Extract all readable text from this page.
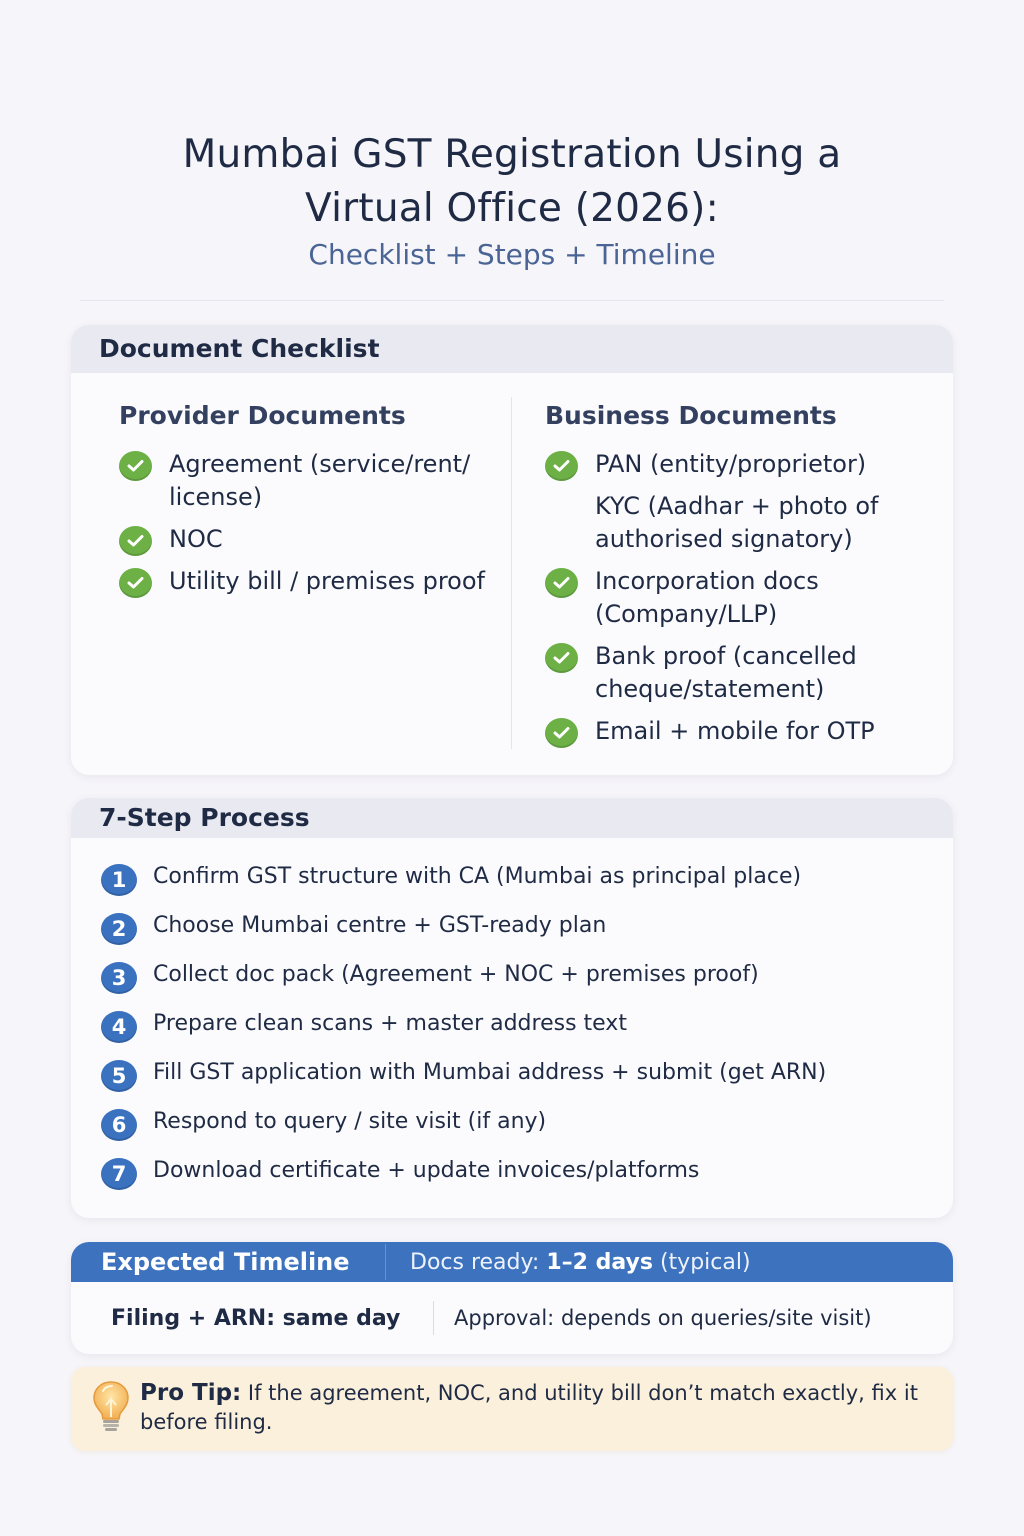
Mumbai GST Registration Using a
Virtual Office (2026):
Checklist + Steps + Timeline
Document Checklist
Provider Documents
Agreement (service/rent/ license)
NOC
Utility bill / premises proof
Business Documents
PAN (entity/proprietor)
KYC (Aadhar + photo of authorised signatory)
Incorporation docs (Company/LLP)
Bank proof (cancelled cheque/statement)
Email + mobile for OTP
7-Step Process
1	Confirm GST structure with CA (Mumbai as principal place)
2	Choose Mumbai centre + GST-ready plan
3	Collect doc pack (Agreement + NOC + premises proof)
4	Prepare clean scans + master address text
5	Fill GST application with Mumbai address + submit (get ARN)
6	Respond to query / site visit (if any)
7	Download certificate + update invoices/platforms
Expected Timeline	Docs ready: 1–2 days (typical)
Filing + ARN: same day	Approval: depends on queries/site visit)
Pro Tip: If the agreement, NOC, and utility bill don’t match exactly, fix it before filing.
